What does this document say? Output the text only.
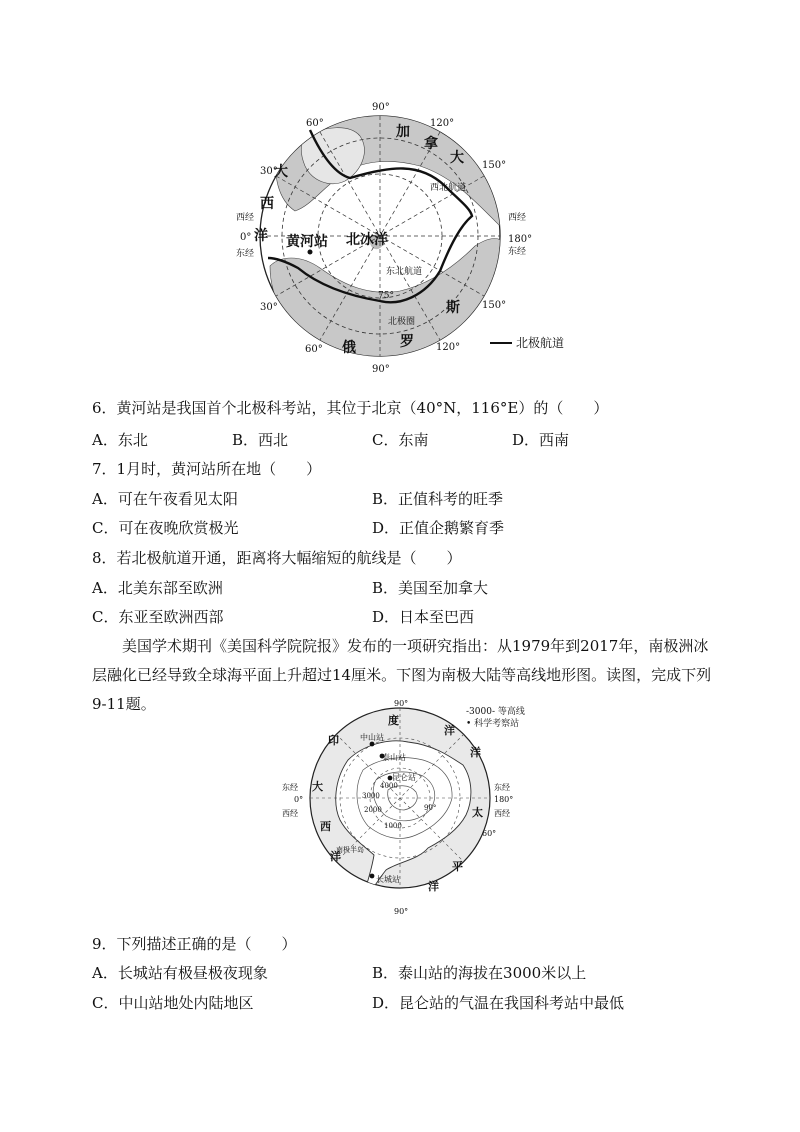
90°
120°
150°
180°
150°
120°
90°
60°
30°
30°
60°
西经
东经
西经
0°
东经
加
拿
大
大
西
洋 黄河站 北冰洋
俄	罗
斯
西北航道
东北航道
75°
北极圈
北极航道
6．黄河站是我国首个北极科考站，其位于北京（40°N，116°E）的（　　）
A．东北	B．西北	C．东南	D．西南
7．1月时，黄河站所在地（　　）
A．可在午夜看见太阳	B．正值科考的旺季
C．可在夜晚欣赏极光	D．正值企鹅繁育季
8．若北极航道开通，距离将大幅缩短的航线是（　　）
A．北美东部至欧洲	B．美国至加拿大
C．东亚至欧洲西部	D．日本至巴西
美国学术期刊《美国科学院院报》发布的一项研究指出：从1979年到2017年，南极洲冰层融化已经导致全球海平面上升超过14厘米。下图为南极大陆等高线地形图。读图，完成下列9-11题。	90°
90°
180°
0°
60°
东经
西经
东经
西经
中山站
泰山站
昆仑站
长城站
南极半岛
4000
3000
2000
1000
90°
印
度
洋
大
西
洋
洋
太
平
洋
-3000- 等高线
• 科学考察站
9．下列描述正确的是（　　）
A．长城站有极昼极夜现象	B．泰山站的海拔在3000米以上
C．中山站地处内陆地区	D．昆仑站的气温在我国科考站中最低
